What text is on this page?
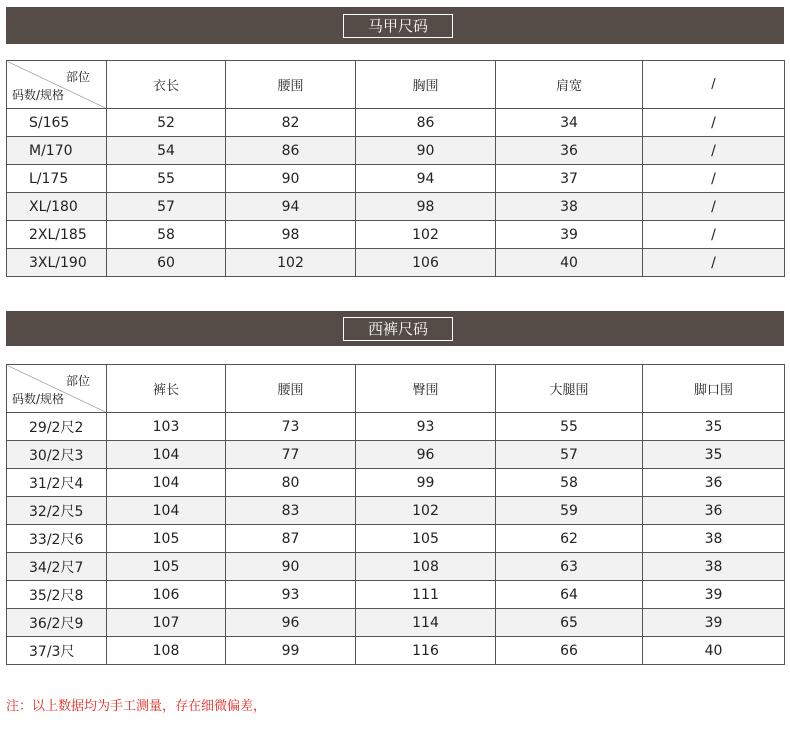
马甲尺码
部位
码数/规格	衣长	腰围	胸围	肩宽	/
S/165	52	82	86	34	/
M/170	54	86	90	36	/
L/175	55	90	94	37	/
XL/180	57	94	98	38	/
2XL/185	58	98	102	39	/
3XL/190	60	102	106	40	/
西裤尺码
部位
码数/规格	裤长	腰围	臀围	大腿围	脚口围
29/2尺2	103	73	93	55	35
30/2尺3	104	77	96	57	35
31/2尺4	104	80	99	58	36
32/2尺5	104	83	102	59	36
33/2尺6	105	87	105	62	38
34/2尺7	105	90	108	63	38
35/2尺8	106	93	111	64	39
36/2尺9	107	96	114	65	39
37/3尺	108	99	116	66	40
注：以上数据均为手工测量，存在细微偏差，
